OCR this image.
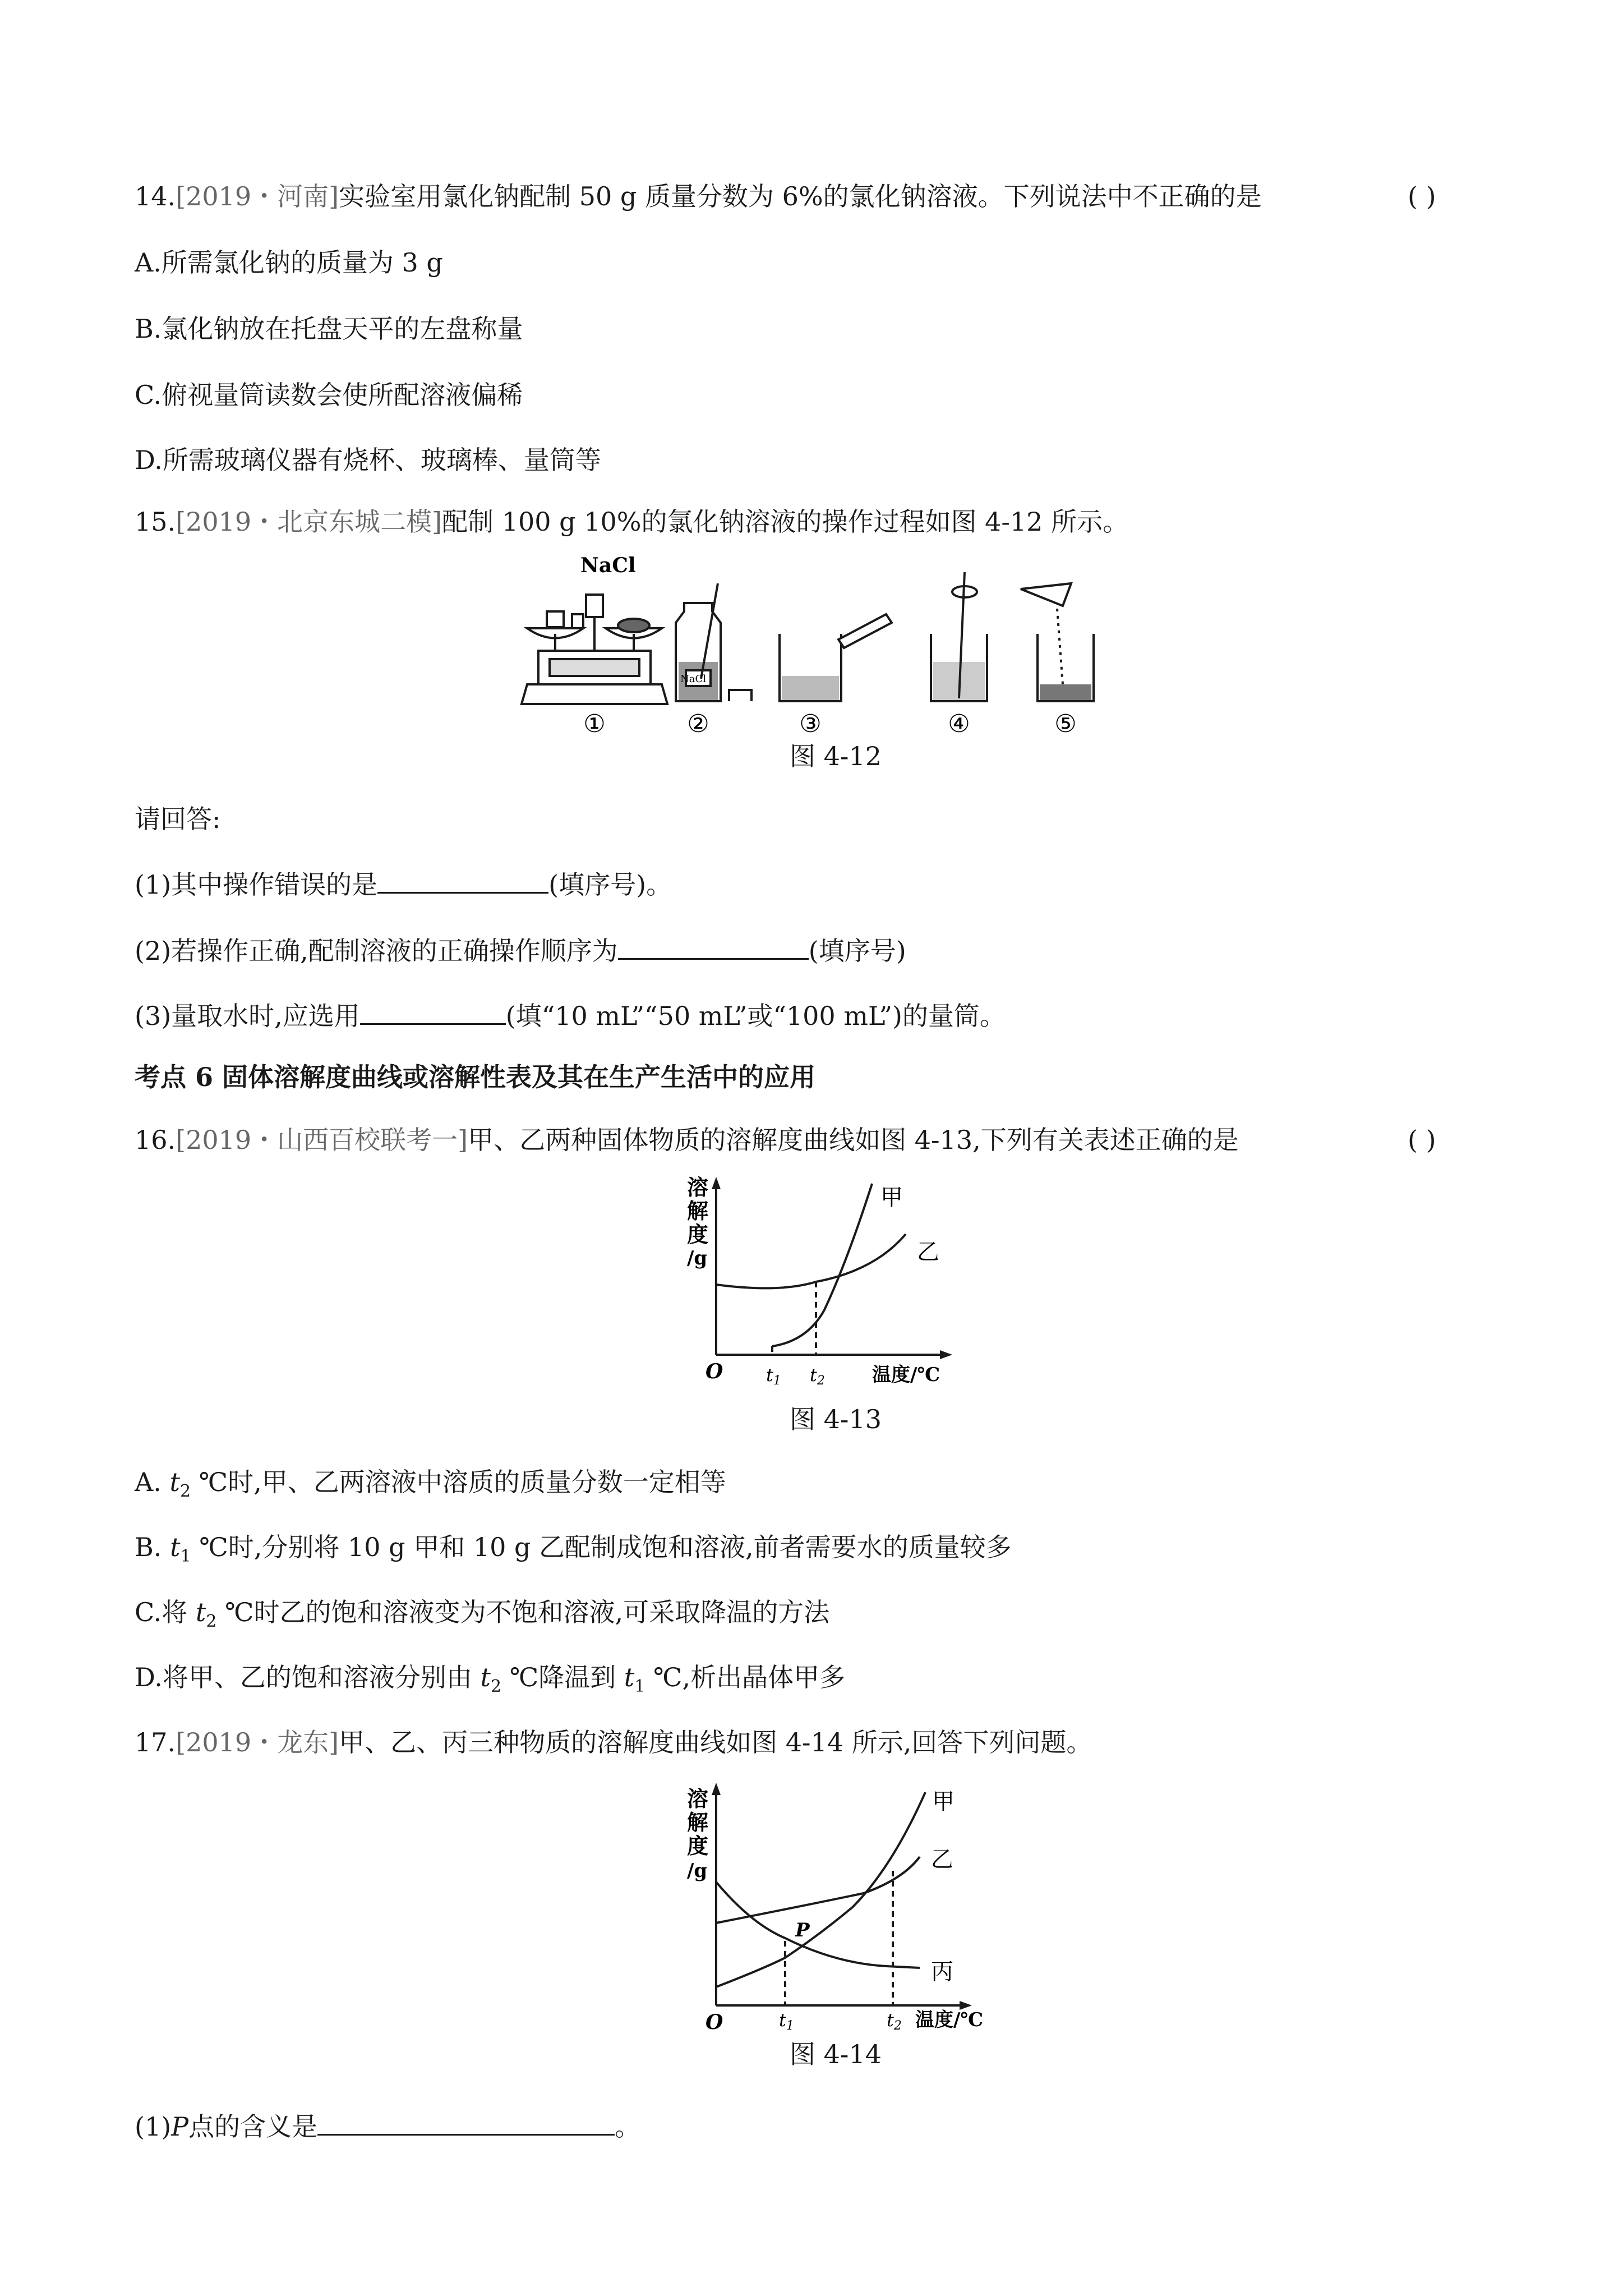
14.[2019・河南]实验室用氯化钠配制 50 g 质量分数为 6%的氯化钠溶液。下列说法中不正确的是	( )
A.所需氯化钠的质量为 3 g
B.氯化钠放在托盘天平的左盘称量
C.俯视量筒读数会使所配溶液偏稀
D.所需玻璃仪器有烧杯、玻璃棒、量筒等
15.[2019・北京东城二模]配制 100 g 10%的氯化钠溶液的操作过程如图 4-12 所示。
NaCl
NaCl
①	②	③	④	⑤
图 4-12
请回答:
(1)其中操作错误的是	(填序号)。
(2)若操作正确,配制溶液的正确操作顺序为	(填序号)
(3)量取水时,应选用	(填“10 mL”“50 mL”或“100 mL”)的量筒。
考点 6 固体溶解度曲线或溶解性表及其在生产生活中的应用
16.[2019・山西百校联考一]甲、乙两种固体物质的溶解度曲线如图 4-13,下列有关表述正确的是	( )
溶
解
度
/g
甲
乙
O t1 t2 温度/℃
图 4-13
A. $t_2$ ℃时,甲、乙两溶液中溶质的质量分数一定相等
B. $t_1$ ℃时,分别将 10 g 甲和 10 g 乙配制成饱和溶液,前者需要水的质量较多
C.将 $t_2$ ℃时乙的饱和溶液变为不饱和溶液,可采取降温的方法
D.将甲、乙的饱和溶液分别由 $t_2$ ℃降温到 $t_1$ ℃,析出晶体甲多
17.[2019・龙东]甲、乙、丙三种物质的溶解度曲线如图 4-14 所示,回答下列问题。
溶
解
度
/g
甲
乙
丙
P
O	t1	t2 温度/℃
图 4-14
(1)P点的含义是	。
